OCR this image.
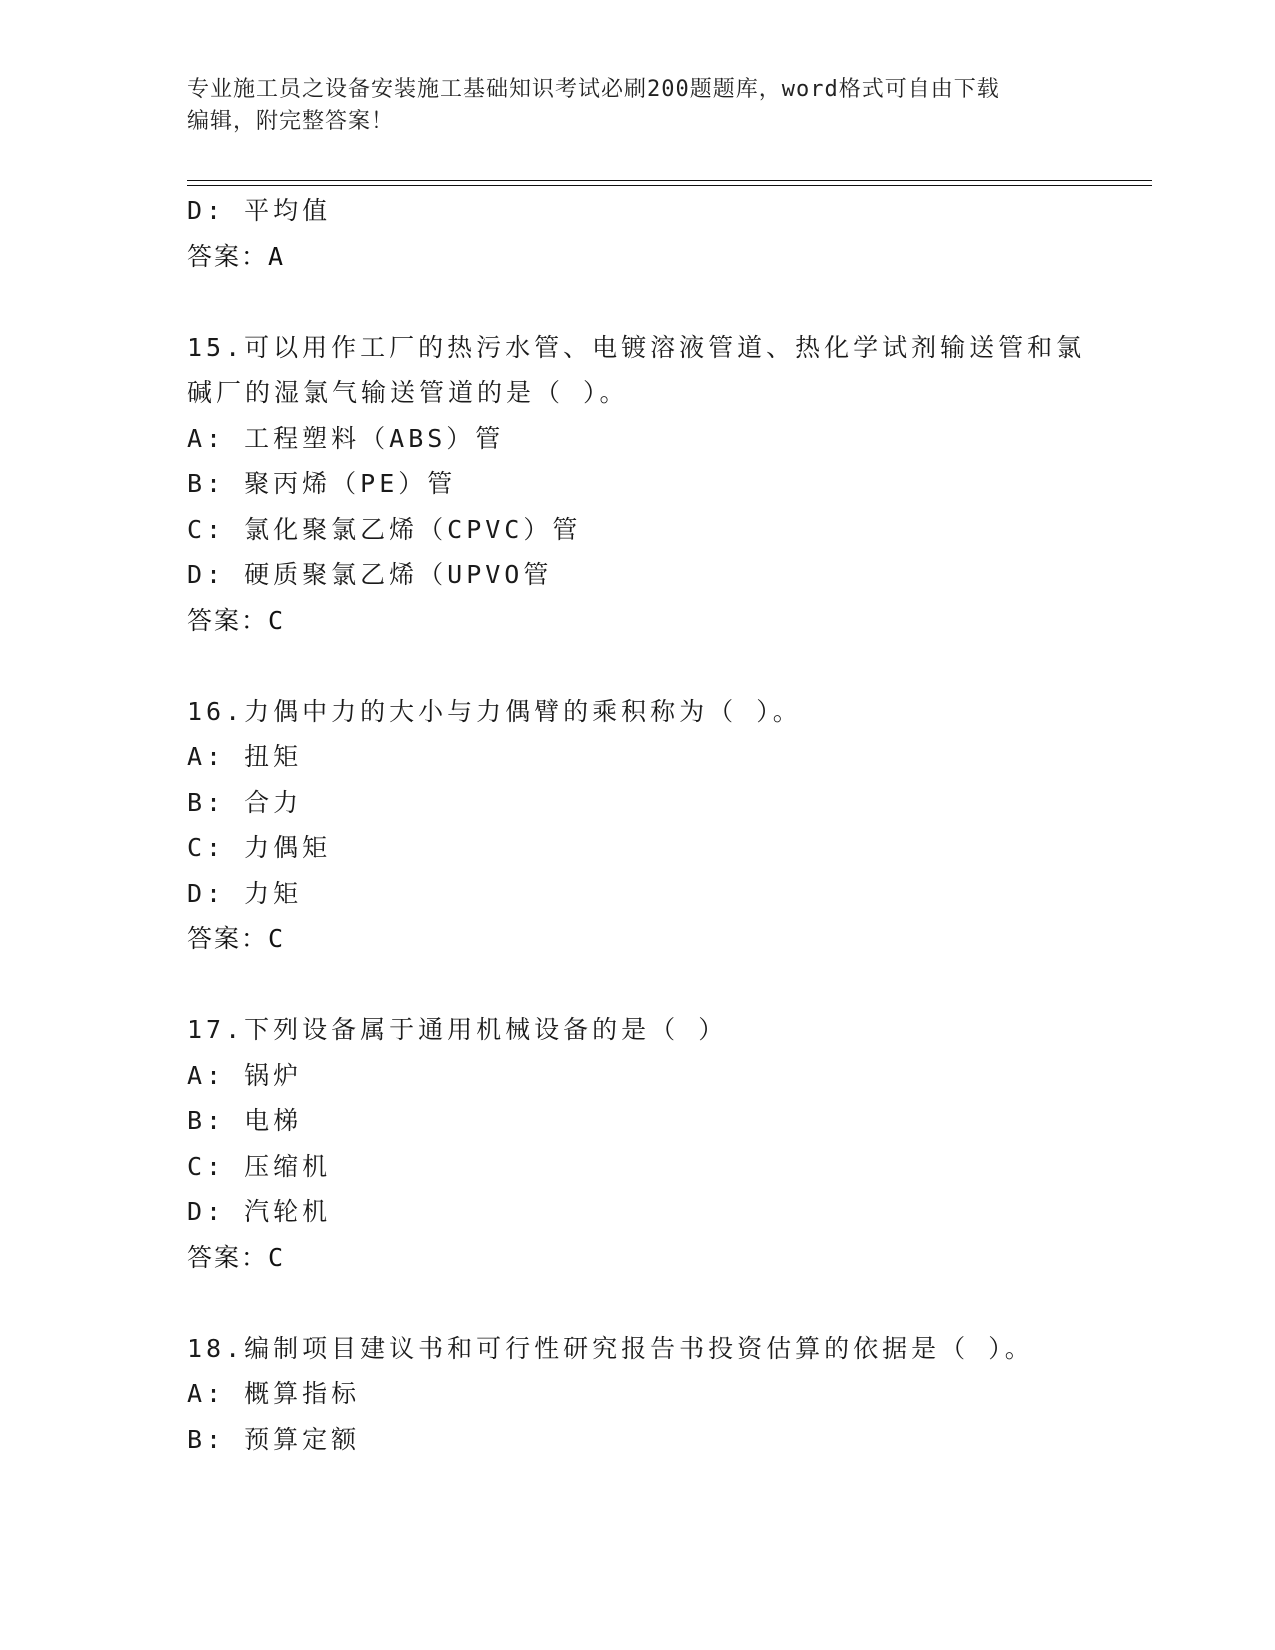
专业施工员之设备安装施工基础知识考试必刷200题题库，word格式可自由下载
编辑，附完整答案！
D: 平均值
答案：A
15.可以用作工厂的热污水管、电镀溶液管道、热化学试剂输送管和氯
碱厂的湿氯气输送管道的是（ ）。
A: 工程塑料（ABS）管
B: 聚丙烯（PE）管
C: 氯化聚氯乙烯（CPVC）管
D: 硬质聚氯乙烯（UPVO管
答案：C
16.力偶中力的大小与力偶臂的乘积称为（ ）。
A: 扭矩
B: 合力
C: 力偶矩
D: 力矩
答案：C
17.下列设备属于通用机械设备的是（ ）
A: 锅炉
B: 电梯
C: 压缩机
D: 汽轮机
答案：C
18.编制项目建议书和可行性研究报告书投资估算的依据是（ ）。
A: 概算指标
B: 预算定额
